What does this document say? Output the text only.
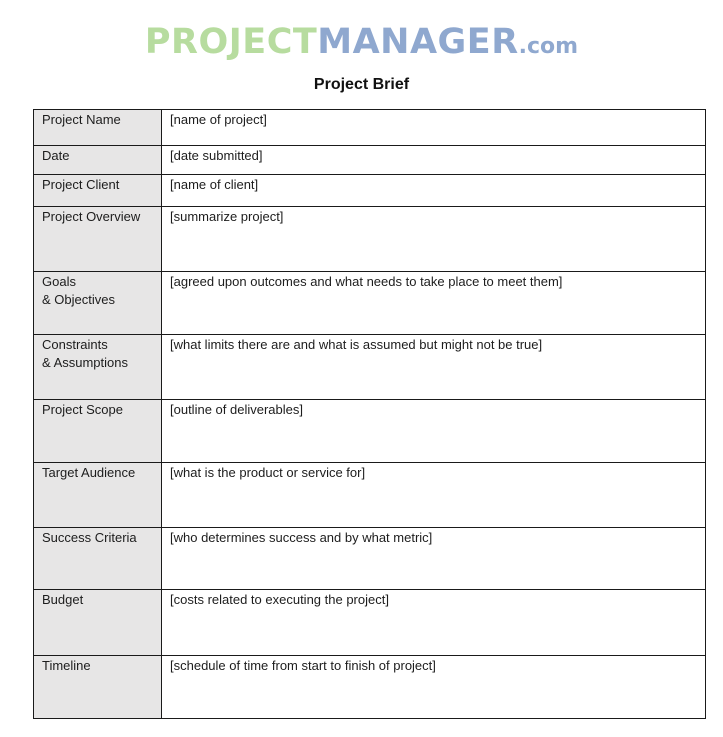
PROJECTMANAGER.com
Project Brief
Project Name	[name of project]
Date	[date submitted]
Project Client	[name of client]
Project Overview	[summarize project]

Goals
& Objectives	[agreed upon outcomes and what needs to take place to meet them]

Constraints
& Assumptions	[what limits there are and what is assumed but might not be true]
Project Scope	[outline of deliverables]
Target Audience	[what is the product or service for]
Success Criteria	[who determines success and by what metric]
Budget	[costs related to executing the project]
Timeline	[schedule of time from start to finish of project]
